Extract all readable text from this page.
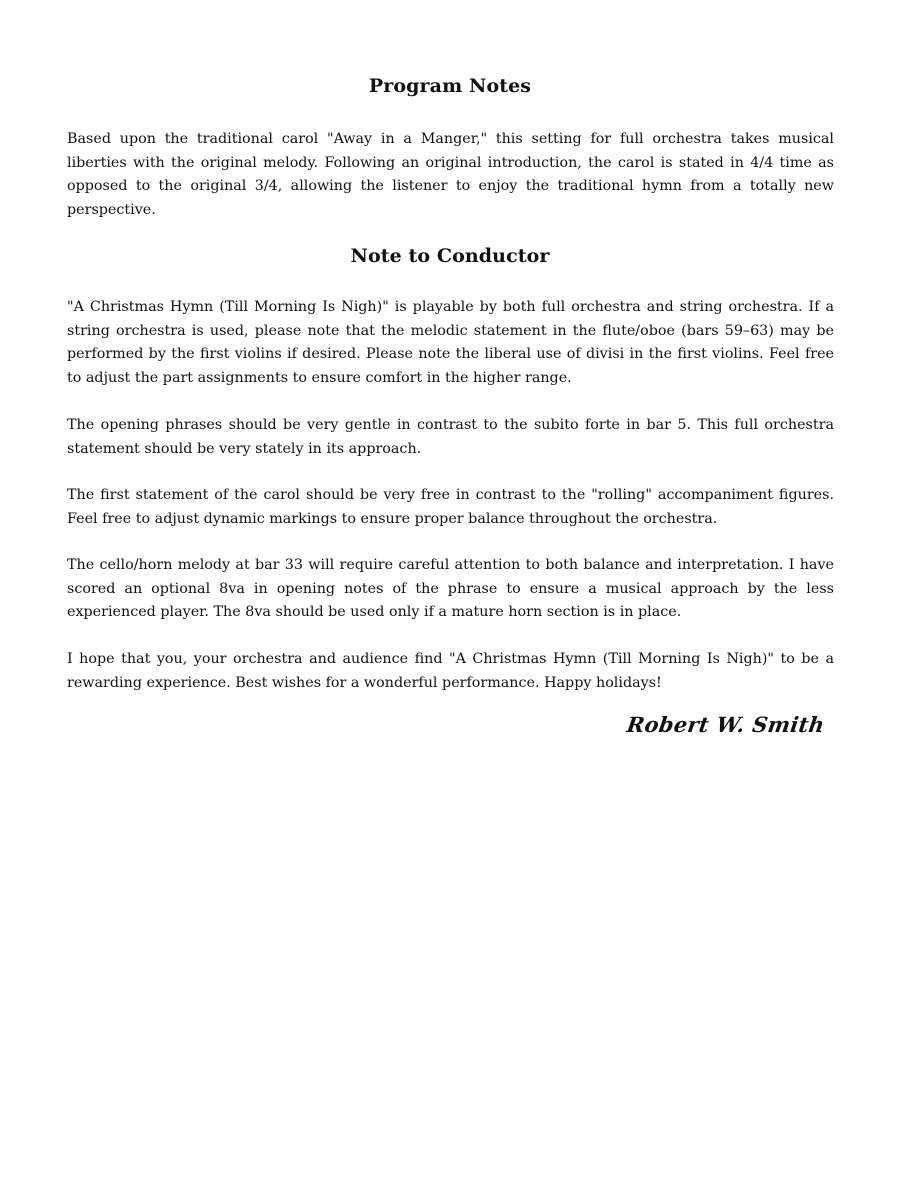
Program Notes

Based upon the traditional carol "Away in a Manger," this setting for full orchestra takes musical liberties with the original melody. Following an original introduction, the carol is stated in 4/4 time as opposed to the original 3/4, allowing the listener to enjoy the traditional hymn from a totally new perspective.

Note to Conductor

"A Christmas Hymn (Till Morning Is Nigh)" is playable by both full orchestra and string orchestra. If a string orchestra is used, please note that the melodic statement in the flute/oboe (bars 59–63) may be performed by the first violins if desired. Please note the liberal use of divisi in the first violins. Feel free to adjust the part assignments to ensure comfort in the higher range.

The opening phrases should be very gentle in contrast to the subito forte in bar 5. This full orchestra statement should be very stately in its approach.

The first statement of the carol should be very free in contrast to the "rolling" accompaniment figures. Feel free to adjust dynamic markings to ensure proper balance throughout the orchestra.

The cello/horn melody at bar 33 will require careful attention to both balance and interpretation. I have scored an optional 8va in opening notes of the phrase to ensure a musical approach by the less experienced player. The 8va should be used only if a mature horn section is in place.

I hope that you, your orchestra and audience find "A Christmas Hymn (Till Morning Is Nigh)" to be a rewarding experience. Best wishes for a wonderful performance. Happy holidays!

Robert W. Smith
